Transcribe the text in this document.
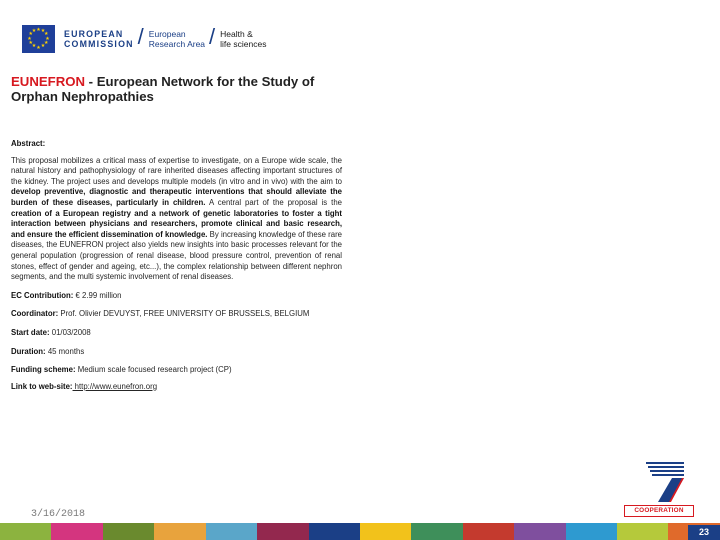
★ ★
★
★
★
★
★
★
★
★
★
★	EUROPEAN
COMMISSION / European
Research Area / Health &
life sciences
EUNEFRON - European Network for the Study of Orphan Nephropathies
Abstract:
This proposal mobilizes a critical mass of expertise to investigate, on a Europe wide scale, the natural history and pathophysiology of rare inherited diseases affecting important structures of the kidney. The project uses and develops multiple models (in vitro and in vivo) with the aim to develop preventive, diagnostic and therapeutic interventions that should alleviate the burden of these diseases, particularly in children. A central part of the proposal is the creation of a European registry and a network of genetic laboratories to foster a tight interaction between physicians and researchers, promote clinical and basic research, and ensure the efficient dissemination of knowledge. By increasing knowledge of these rare diseases, the EUNEFRON project also yields new insights into basic processes relevant for the general population (progression of renal disease, blood pressure control, prevention of renal stones, effect of gender and ageing, etc...), the complex relationship between different nephron segments, and the multi systemic involvement of renal diseases.
EC Contribution: € 2.99 million
Coordinator: Prof. Olivier DEVUYST, FREE UNIVERSITY OF BRUSSELS, BELGIUM
Start date: 01/03/2008
Duration: 45 months
Funding scheme: Medium scale focused research project (CP)
Link to web-site: http://www.eunefron.org
3/16/2018	COOPERATION
23
